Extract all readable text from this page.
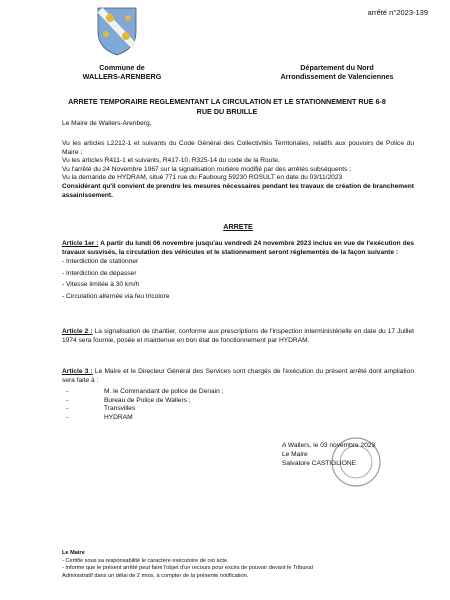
arrêté n°2023-139
Commune de
WALLERS-ARENBERG
Département du Nord
Arrondissement de Valenciennes
ARRETE TEMPORAIRE REGLEMENTANT LA CIRCULATION ET LE STATIONNEMENT RUE 6-8
RUE DU BRUILLE
Le Maire de Wallers-Arenberg,
Vu les articles L2212-1 et suivants du Code Général des Collectivités Territoriales, relatifs aux pouvoirs de Police du Maire ;
Vu les articles R411-1 et suivants, R417-10, R325-14 du code de la Route,
Vu l'arrêté du 24 Novembre 1967 sur la signalisation routière modifié par des arrêtés subséquents ;
Vu la demande de HYDRAM, situé 771 rue du Faubourg 59230 ROSULT en date du 03/11/2023
Considérant qu'il convient de prendre les mesures nécessaires pendant les travaux de création de branchement assainissement.
ARRETE
Article 1er : A partir du lundi 06 novembre jusqu'au vendredi 24 novembre 2023 inclus en vue de l'exécution des travaux susvisés, la circulation des véhicules et le stationnement seront réglementés de la façon suivante :
- Interdiction de stationner
- Interdiction de dépasser
- Vitesse limitée à 30 km/h
- Circulation alternée via feu tricolore
Article 2 : La signalisation de chantier, conforme aux prescriptions de l'inspection interministérielle en date du 17 Juillet 1974 sera fournie, posée et maintenue en bon état de fonctionnement par HYDRAM.
Article 3 : Le Maire et le Directeur Général des Services sont chargés de l'exécution du présent arrêté dont ampliation sera faite à :
-	M. le Commandant de police de Denain ;
-	Bureau de Police de Wallers ;
-	Transvilles
-	HYDRAM
A Wallers, le 03 novembre 2023
Le Maire
Salvatore CASTIGLIONE
Le Maire
- Certifie sous sa responsabilité le caractère exécutoire de cet acte.
- Informe que le présent arrêté peut faire l'objet d'un recours pour excès de pouvoir devant le Tribunal
Administratif dans un délai de 2 mois, à compter de la présente notification.
